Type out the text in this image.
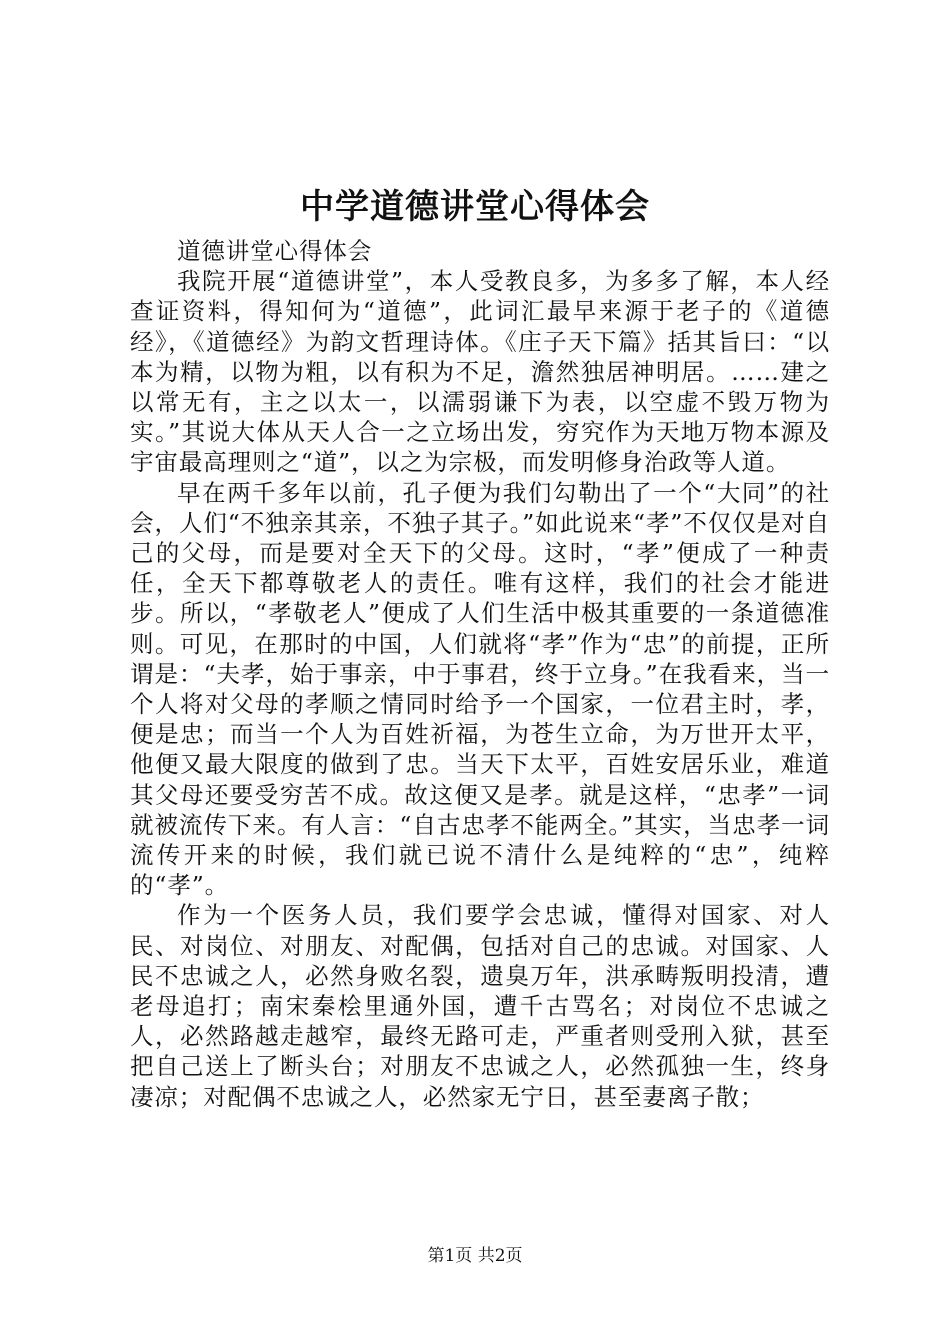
中学道德讲堂心得体会

道德讲堂心得体会

我院开展“道德讲堂”，本人受教良多，为多多了解，本人经查证资料，得知何为“道德”，此词汇最早来源于老子的《道德经》，《道德经》为韵文哲理诗体。《庄子天下篇》括其旨曰：“以本为精，以物为粗，以有积为不足，澹然独居神明居。……建之以常无有，主之以太一，以濡弱谦下为表，以空虚不毁万物为实。”其说大体从天人合一之立场出发，穷究作为天地万物本源及宇宙最高理则之“道”，以之为宗极，而发明修身治政等人道。

早在两千多年以前，孔子便为我们勾勒出了一个“大同”的社会，人们“不独亲其亲，不独子其子。”如此说来“孝”不仅仅是对自己的父母，而是要对全天下的父母。这时，“孝”便成了一种责任，全天下都尊敬老人的责任。唯有这样，我们的社会才能进步。所以，“孝敬老人”便成了人们生活中极其重要的一条道德准则。可见，在那时的中国，人们就将“孝”作为“忠”的前提，正所谓是：“夫孝，始于事亲，中于事君，终于立身。”在我看来，当一个人将对父母的孝顺之情同时给予一个国家，一位君主时，孝，便是忠；而当一个人为百姓祈福，为苍生立命，为万世开太平，他便又最大限度的做到了忠。当天下太平，百姓安居乐业，难道其父母还要受穷苦不成。故这便又是孝。就是这样，“忠孝”一词就被流传下来。有人言：“自古忠孝不能两全。”其实，当忠孝一词流传开来的时候，我们就已说不清什么是纯粹的“忠”，纯粹的“孝”。

作为一个医务人员，我们要学会忠诚，懂得对国家、对人民、对岗位、对朋友、对配偶，包括对自己的忠诚。对国家、人民不忠诚之人，必然身败名裂，遗臭万年，洪承畴叛明投清，遭老母追打；南宋秦桧里通外国，遭千古骂名；对岗位不忠诚之人，必然路越走越窄，最终无路可走，严重者则受刑入狱，甚至把自己送上了断头台；对朋友不忠诚之人，必然孤独一生，终身凄凉；对配偶不忠诚之人，必然家无宁日，甚至妻离子散；

第1页 共2页
